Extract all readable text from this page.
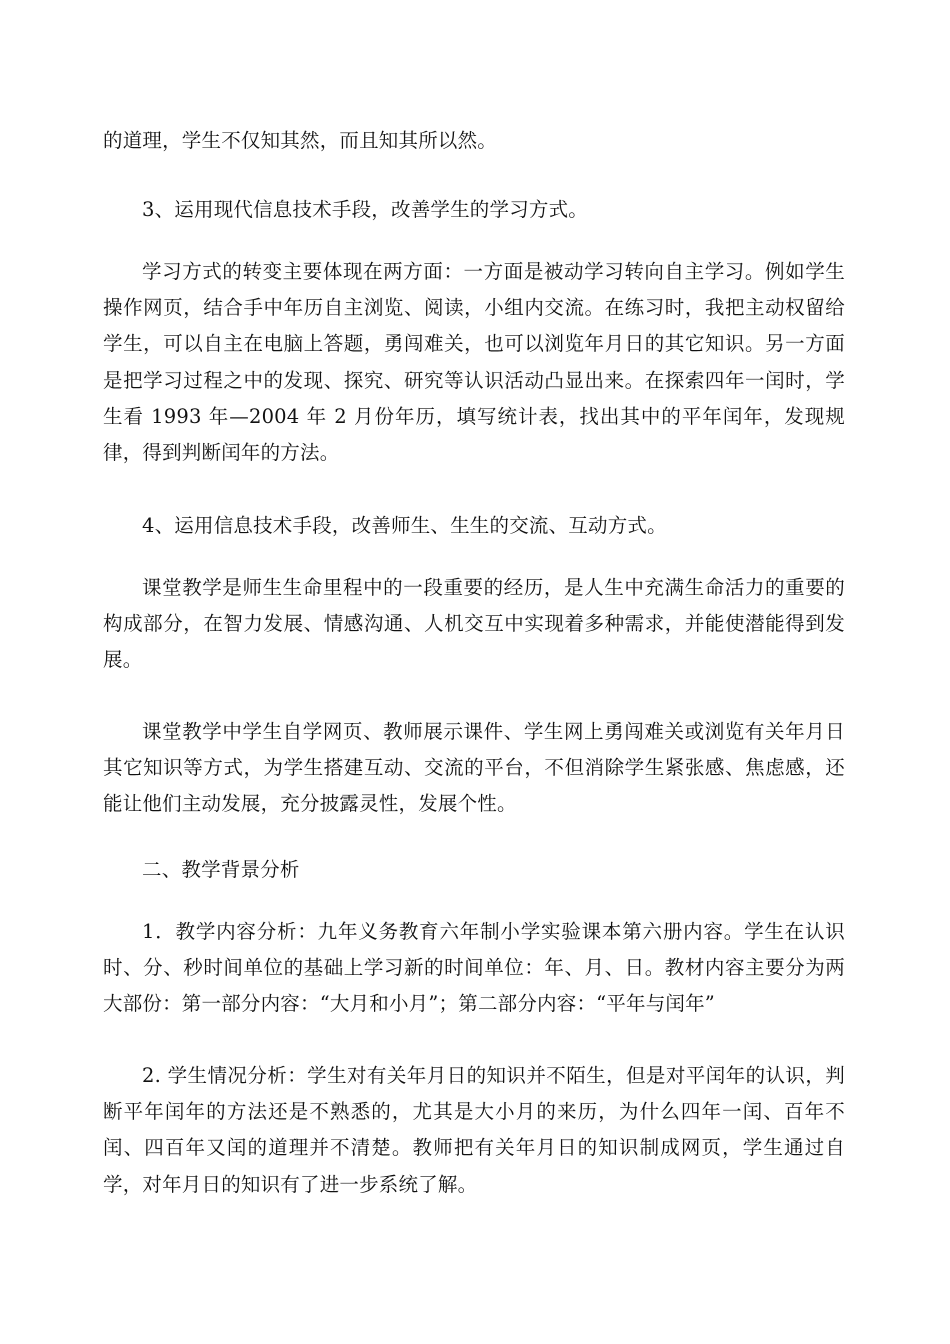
的道理，学生不仅知其然，而且知其所以然。

3、运用现代信息技术手段，改善学生的学习方式。

学习方式的转变主要体现在两方面：一方面是被动学习转向自主学习。例如学生操作网页，结合手中年历自主浏览、阅读，小组内交流。在练习时，我把主动权留给学生，可以自主在电脑上答题，勇闯难关，也可以浏览年月日的其它知识。另一方面是把学习过程之中的发现、探究、研究等认识活动凸显出来。在探索四年一闰时，学生看 1993 年—2004 年 2 月份年历，填写统计表，找出其中的平年闰年，发现规律，得到判断闰年的方法。

4、运用信息技术手段，改善师生、生生的交流、互动方式。

课堂教学是师生生命里程中的一段重要的经历，是人生中充满生命活力的重要的构成部分，在智力发展、情感沟通、人机交互中实现着多种需求，并能使潜能得到发展。

课堂教学中学生自学网页、教师展示课件、学生网上勇闯难关或浏览有关年月日其它知识等方式，为学生搭建互动、交流的平台，不但消除学生紧张感、焦虑感，还能让他们主动发展，充分披露灵性，发展个性。

二、教学背景分析

1．教学内容分析：九年义务教育六年制小学实验课本第六册内容。学生在认识时、分、秒时间单位的基础上学习新的时间单位：年、月、日。教材内容主要分为两大部份：第一部分内容：“大月和小月”；第二部分内容：“平年与闰年”

2. 学生情况分析：学生对有关年月日的知识并不陌生，但是对平闰年的认识，判断平年闰年的方法还是不熟悉的，尤其是大小月的来历，为什么四年一闰、百年不闰、四百年又闰的道理并不清楚。教师把有关年月日的知识制成网页，学生通过自学，对年月日的知识有了进一步系统了解。
